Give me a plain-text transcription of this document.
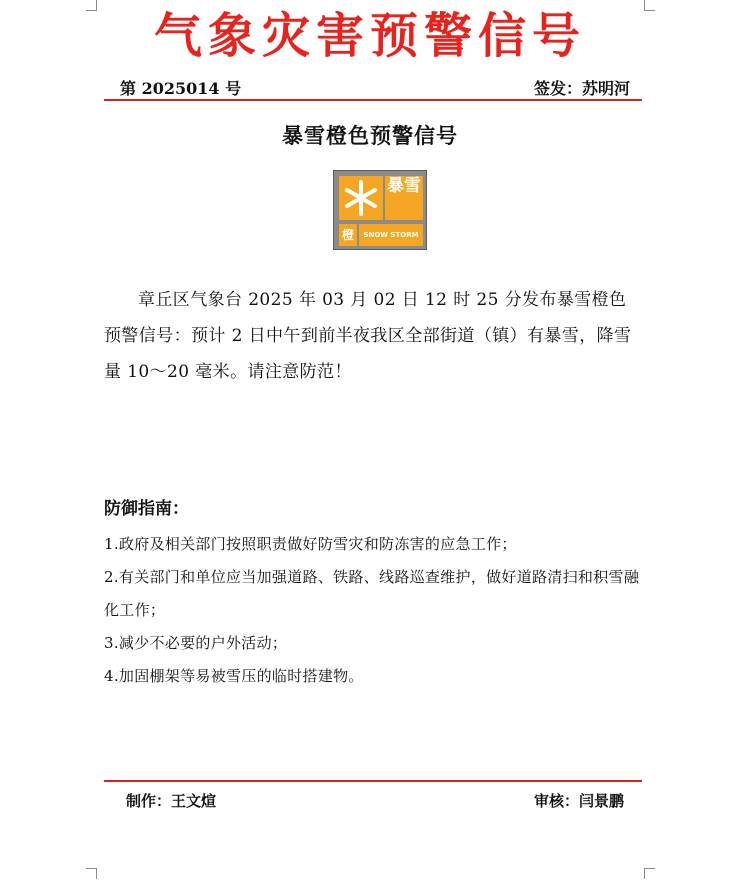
气象灾害预警信号
第 2025014 号	签发：苏明河
暴雪橙色预警信号
暴雪
橙	SNOW STORM
章丘区气象台 2025 年 03 月 02 日 12 时 25 分发布暴雪橙色预警信号：预计 2 日中午到前半夜我区全部街道（镇）有暴雪，降雪量 10～20 毫米。请注意防范！
防御指南：
1.政府及相关部门按照职责做好防雪灾和防冻害的应急工作；
2.有关部门和单位应当加强道路、铁路、线路巡查维护，做好道路清扫和积雪融化工作；
3.减少不必要的户外活动；
4.加固棚架等易被雪压的临时搭建物。
制作：王文煊	审核：闫景鹏
